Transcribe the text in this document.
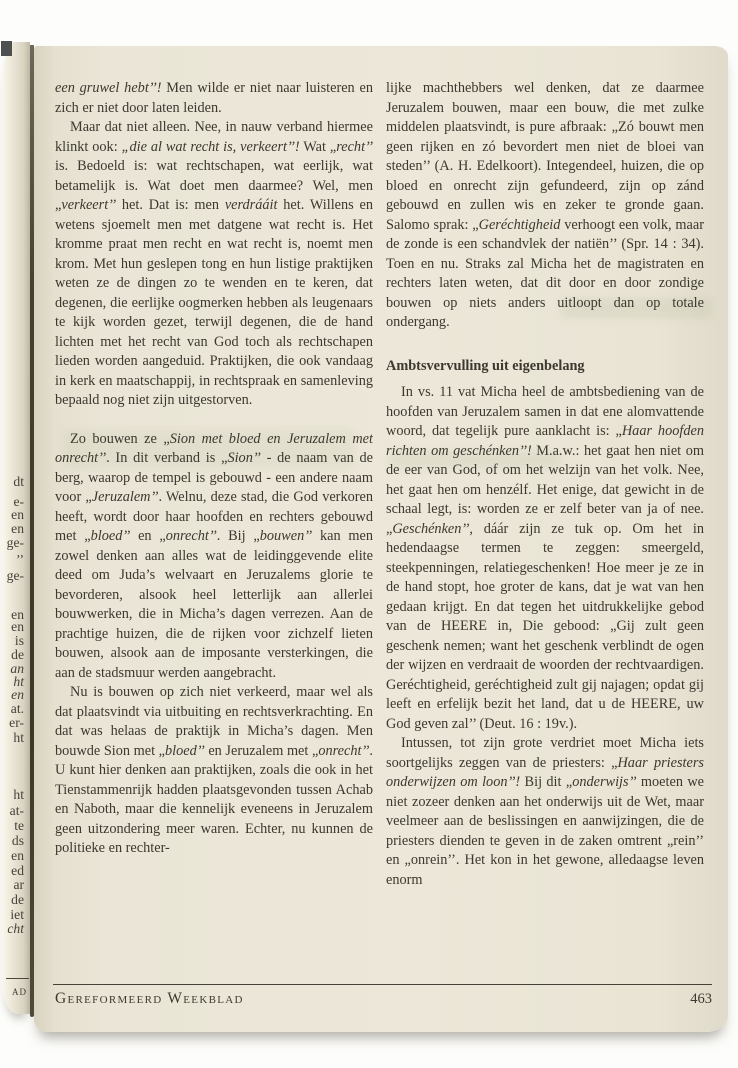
ad
dt
e-
en
en
ge-
’’
ge-
en
en
is
de
an
ht
en
at.
er-
ht
ht
at-
te
ds
en
ed
ar
de
iet
cht

een gruwel hebt’’! Men wilde er niet naar luisteren en zich er niet door laten leiden.

Maar dat niet alleen. Nee, in nauw verband hiermee klinkt ook: „die al wat recht is, verkeert’’! Wat „recht’’ is. Bedoeld is: wat rechtschapen, wat eerlijk, wat betamelijk is. Wat doet men daarmee? Wel, men „verkeert’’ het. Dat is: men verdrááit het. Willens en wetens sjoemelt men met datgene wat recht is. Het kromme praat men recht en wat recht is, noemt men krom. Met hun geslepen tong en hun listige praktijken weten ze de dingen zo te wenden en te keren, dat degenen, die eerlijke oogmerken hebben als leugenaars te kijk worden gezet, terwijl degenen, die de hand lichten met het recht van God toch als rechtschapen lieden worden aangeduid. Praktijken, die ook vandaag in kerk en maatschappij, in rechtspraak en samenleving bepaald nog niet zijn uitgestorven.

Zo bouwen ze „Sion met bloed en Jeruzalem met onrecht’’. In dit verband is „Sion’’ - de naam van de berg, waarop de tempel is gebouwd - een andere naam voor „Jeruzalem’’. Welnu, deze stad, die God verkoren heeft, wordt door haar hoofden en rechters gebouwd met „bloed’’ en „onrecht’’. Bij „bouwen’’ kan men zowel denken aan alles wat de leidinggevende elite deed om Juda’s welvaart en Jeruzalems glorie te bevorderen, alsook heel letterlijk aan allerlei bouwwerken, die in Micha’s dagen verrezen. Aan de prachtige huizen, die de rijken voor zichzelf lieten bouwen, alsook aan de imposante versterkingen, die aan de stadsmuur werden aangebracht.

Nu is bouwen op zich niet verkeerd, maar wel als dat plaatsvindt via uitbuiting en rechtsverkrachting. En dat was helaas de praktijk in Micha’s dagen. Men bouwde Sion met „bloed’’ en Jeruzalem met „onrecht’’. U kunt hier denken aan praktijken, zoals die ook in het Tienstammenrijk hadden plaatsgevonden tussen Achab en Naboth, maar die kennelijk eveneens in Jeruzalem geen uitzondering meer waren. Echter, nu kunnen de politieke en rechter-

lijke machthebbers wel denken, dat ze daarmee Jeruzalem bouwen, maar een bouw, die met zulke middelen plaatsvindt, is pure afbraak: „Zó bouwt men geen rijken en zó bevordert men niet de bloei van steden’’ (A. H. Edelkoort). Integendeel, huizen, die op bloed en onrecht zijn gefundeerd, zijn op zánd gebouwd en zullen wis en zeker te gronde gaan. Salomo sprak: „Geréchtigheid verhoogt een volk, maar de zonde is een schandvlek der natiën’’ (Spr. 14 : 34). Toen en nu. Straks zal Micha het de magistraten en rechters laten weten, dat dit door en door zondige bouwen op niets anders uitloopt dan op totale ondergang.

Ambtsvervulling uit eigenbelang

In vs. 11 vat Micha heel de ambtsbediening van de hoofden van Jeruzalem samen in dat ene alomvattende woord, dat tegelijk pure aanklacht is: „Haar hoofden richten om geschénken’’! M.a.w.: het gaat hen niet om de eer van God, of om het welzijn van het volk. Nee, het gaat hen om henzélf. Het enige, dat gewicht in de schaal legt, is: worden ze er zelf beter van ja of nee. „Geschénken’’, dáár zijn ze tuk op. Om het in hedendaagse termen te zeggen: smeergeld, steekpenningen, relatiegeschenken! Hoe meer je ze in de hand stopt, hoe groter de kans, dat je wat van hen gedaan krijgt. En dat tegen het uitdrukkelijke gebod van de HEERE in, Die gebood: „Gij zult geen geschenk nemen; want het geschenk verblindt de ogen der wijzen en verdraait de woorden der rechtvaardigen. Geréchtigheid, geréchtigheid zult gij najagen; opdat gij leeft en erfelijk bezit het land, dat u de HEERE, uw God geven zal’’ (Deut. 16 : 19v.).

Intussen, tot zijn grote verdriet moet Micha iets soortgelijks zeggen van de priesters: „Haar priesters onderwijzen om loon’’! Bij dit „onderwijs’’ moeten we niet zozeer denken aan het onderwijs uit de Wet, maar veelmeer aan de beslissingen en aanwijzingen, die de priesters dienden te geven in de zaken omtrent „rein’’ en „onrein’’. Het kon in het gewone, alledaagse leven enorm

Gereformeerd Weekblad	463
